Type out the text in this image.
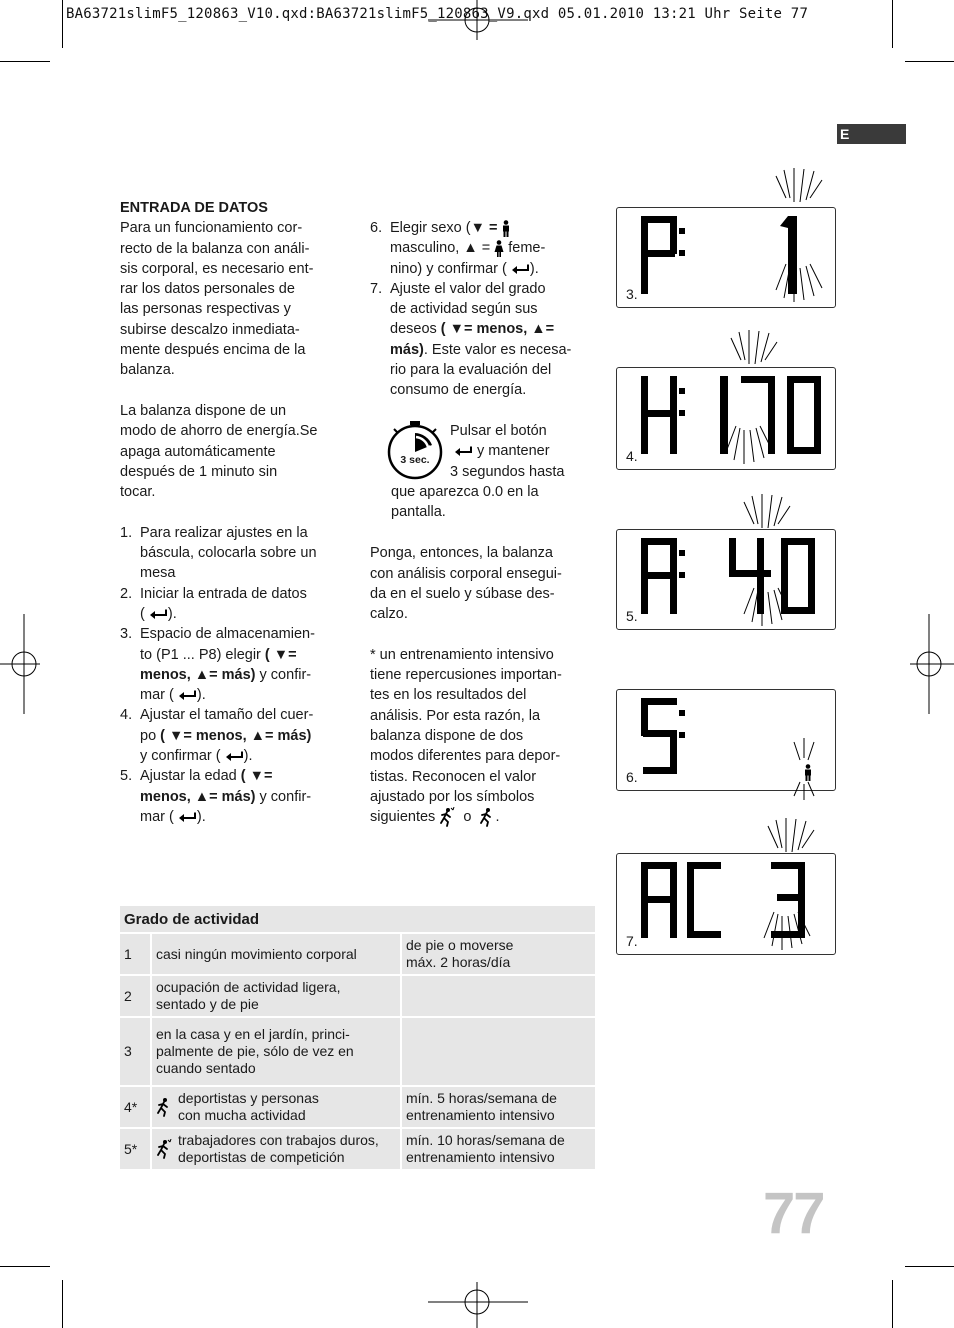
BA63721slimF5_120863_V10.qxd:BA63721slimF5_120863_V9.qxd 05.01.2010 13:21 Uhr Seite 77
E

ENTRADA DE DATOS

Para un funcionamiento cor-

recto de la balanza con análi-

sis corporal, es necesario ent-

rar los datos personales de

las personas respectivas y

subirse descalzo inmediata-

mente después encima de la

balanza.

La balanza dispone de un

modo de ahorro de energía.Se

apaga automáticamente

después de 1 minuto sin

tocar.

1. Para realizar ajustes en la
báscula, colocarla sobre un
mesa
2. Iniciar la entrada de datos
( ).
3. Espacio de almacenamien-
to (P1 ... P8) elegir ( ▼=
menos, ▲= más) y confir-
mar ( ).
4. Ajustar el tamaño del cuer-
po ( ▼= menos, ▲= más)
y confirmar ( ).
5. Ajustar la edad ( ▼=
menos, ▲= más) y confir-
mar ( ).
6. Elegir sexo (▼ =
masculino, ▲ = feme-
nino) y confirmar ( ).
7. Ajuste el valor del grado
de actividad según sus
deseos ( ▼= menos, ▲=
más). Este valor es necesa-
rio para la evaluación del
consumo de energía.
3 sec.
Pulsar el botón
y mantener
3 segundos hasta
que aparezca 0.0 en la
pantalla.

Ponga, entonces, la balanza

con análisis corporal ensegui-

da en el suelo y súbase des-

calzo.

* un entrenamiento intensivo

tiene repercusiones importan-

tes en los resultados del

análisis. Por esta razón, la

balanza dispone de dos

modos diferentes para depor-

tistas. Reconocen el valor

ajustado por los símbolos

siguientes o .

3.
4.
5.
6.
7.
Grado de actividad		
1	casi ningún movimiento corporal	de pie o moverse
máx. 2 horas/día
2	ocupación de actividad ligera,
sentado y de pie	
3	en la casa y en el jardín, princi-
palmente de pie, sólo de vez en
cuando sentado	
4*	deportistas y personas
con mucha actividad	mín. 5 horas/semana de
entrenamiento intensivo
5*	trabajadores con trabajos duros,
deportistas de competición	mín. 10 horas/semana de
entrenamiento intensivo
77
